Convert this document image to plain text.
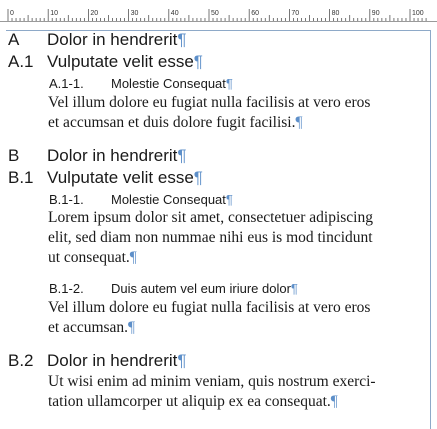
0	10	20	30	40	50	60	70	80	90	100
A Dolor in hendrerit¶
A.1 Vulputate velit esse¶
A.1-1. Molestie Consequat¶
Vel illum dolore eu fugiat nulla facilisis at vero eros
et accumsan et duis dolore fugit facilisi.¶
B Dolor in hendrerit¶
B.1 Vulputate velit esse¶
B.1-1. Molestie Consequat¶
Lorem ipsum dolor sit amet, consectetuer adipiscing
elit, sed diam non nummae nihi eus is mod tincidunt
ut consequat.¶
B.1-2. Duis autem vel eum iriure dolor¶
Vel illum dolore eu fugiat nulla facilisis at vero eros
et accumsan.¶
B.2 Dolor in hendrerit¶
Ut wisi enim ad minim veniam, quis nostrum exerci-
tation ullamcorper ut aliquip ex ea consequat.¶
